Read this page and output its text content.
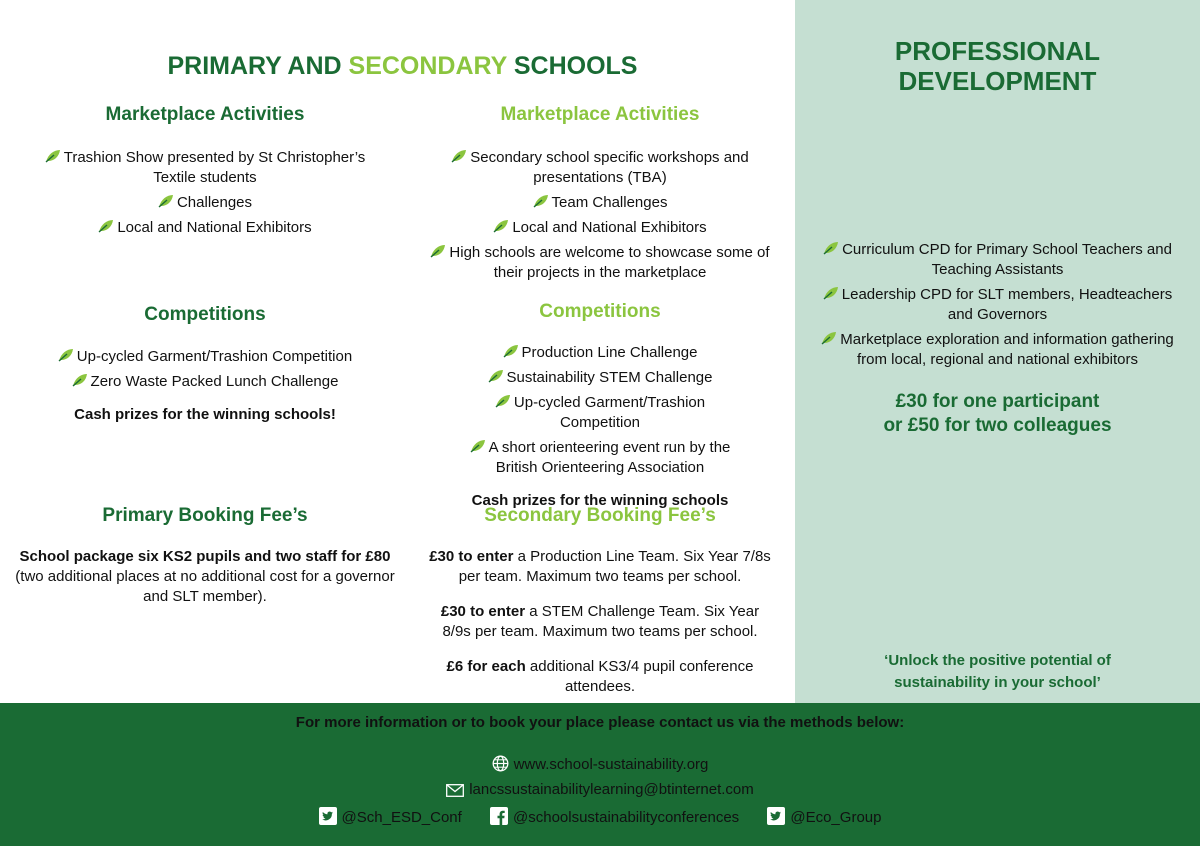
PRIMARY AND SECONDARY SCHOOLS	PROFESSIONAL
DEVELOPMENT
Marketplace Activities
Trashion Show presented by St Christopher’s Textile students
Challenges
Local and National Exhibitors
Competitions
Up-cycled Garment/Trashion Competition
Zero Waste Packed Lunch Challenge

Cash prizes for the winning schools!

Primary Booking Fee’s

School package six KS2 pupils and two staff for £80 (two additional places at no additional cost for a governor and SLT member).

Marketplace Activities
Secondary school specific workshops and presentations (TBA)
Team Challenges
Local and National Exhibitors
High schools are welcome to showcase some of their projects in the marketplace
Competitions
Production Line Challenge
Sustainability STEM Challenge
Up-cycled Garment/Trashion Competition
A short orienteering event run by the British Orienteering Association

Cash prizes for the winning schools

Secondary Booking Fee’s

£30 to enter a Production Line Team. Six Year 7/8s per team. Maximum two teams per school.

£30 to enter a STEM Challenge Team. Six Year 8/9s per team. Maximum two teams per school.

£6 for each additional KS3/4 pupil conference attendees.

Curriculum CPD for Primary School Teachers and Teaching Assistants
Leadership CPD for SLT members, Headteachers and Governors
Marketplace exploration and information gathering from local, regional and national exhibitors

£30 for one participant
or £50 for two colleagues

‘Unlock the positive potential of sustainability in your school’

For more information or to book your place please contact us via the methods below:
www.school-sustainability.org
lancssustainabilitylearning@btinternet.com
@Sch_ESD_Conf	@schoolsustainabilityconferences	@Eco_Group
